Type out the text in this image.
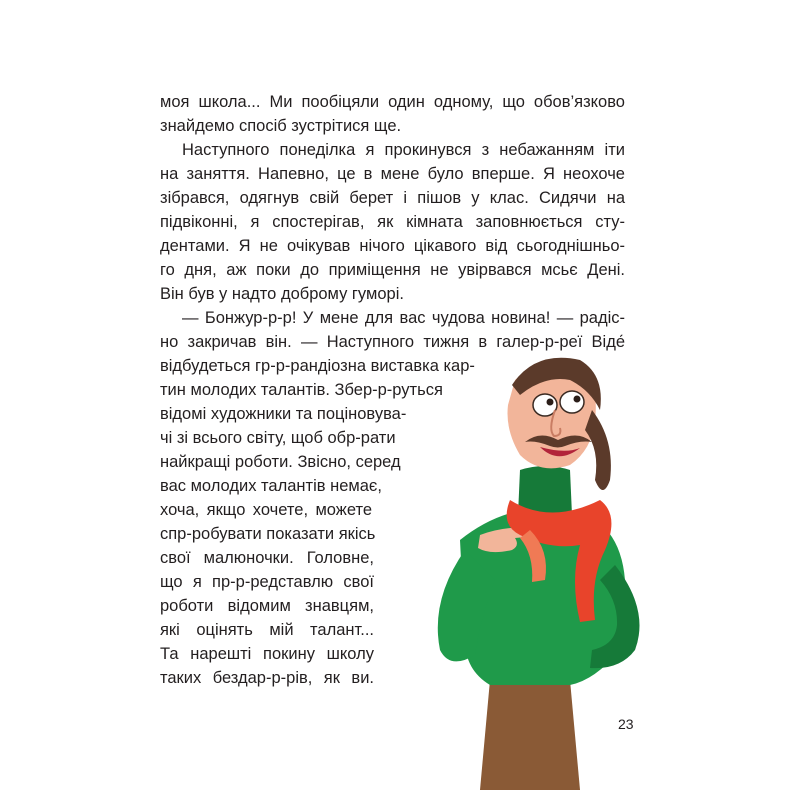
моя школа... Ми пообіцяли один одному, що обов’язково

знайдемо спосіб зустрітися ще.

Наступного понеділка я прокинувся з небажанням іти

на заняття. Напевно, це в мене було вперше. Я неохоче

зібрався, одягнув свій берет і пішов у клас. Сидячи на

підвіконні, я спостерігав, як кімната заповнюється сту-

дентами. Я не очікував нічого цікавого від сьогоднішньо-

го дня, аж поки до приміщення не увірвався мсьє Дені.

Він був у надто доброму гуморі.

— Бонжур-р-р! У мене для вас чудова новина! — радіс-

но закричав він. — Наступного тижня в галер-р-реї Віде́

відбудеться гр-р-рандіозна виставка кар-

тин молодих талантів. Збер-р-руться

відомі художники та поціновува-

чі зі всього світу, щоб обр-рати

найкращі роботи. Звісно, серед

вас молодих талантів немає,

хоча, якщо хочете, можете

спр-робувати показати якісь

свої малюночки. Головне,

що я пр-р-редставлю свої

роботи відомим знавцям,

які оцінять мій талант...

Та нарешті покину школу

таких бездар-р-рів, як ви.

23
